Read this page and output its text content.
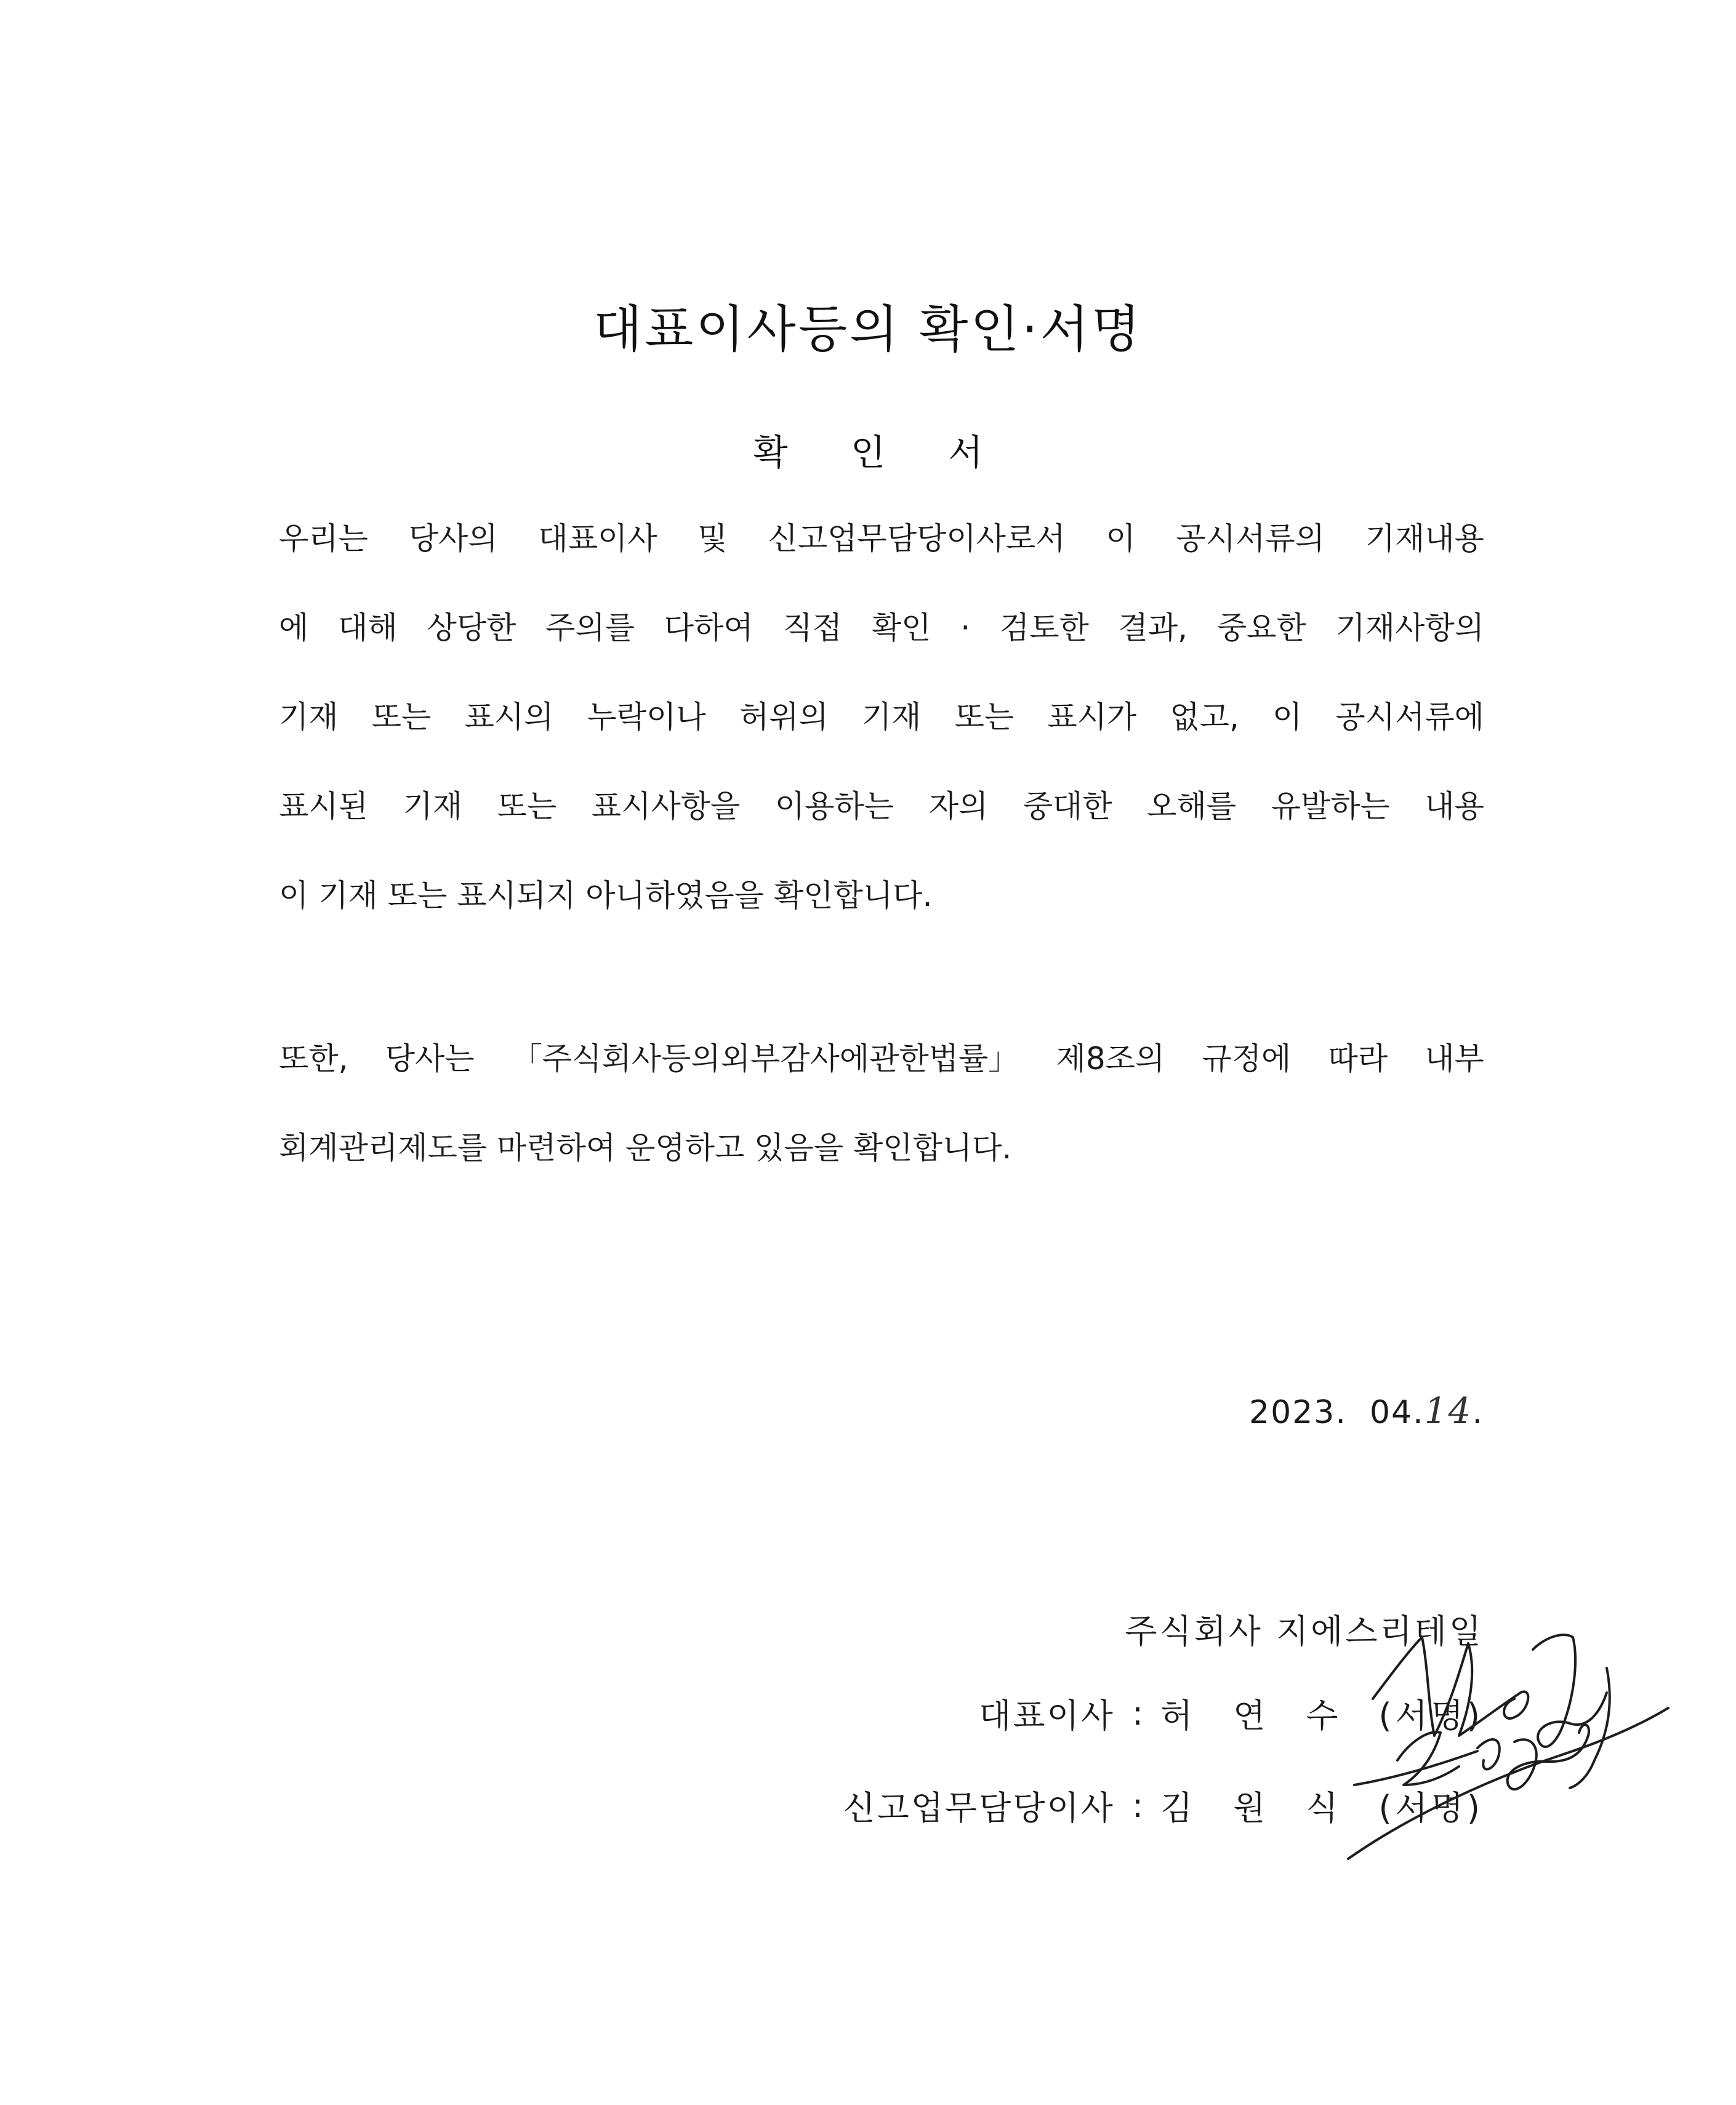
대표이사등의 확인·서명
확 인 서
우리는 당사의 대표이사 및 신고업무담당이사로서 이 공시서류의 기재내용
에 대해 상당한 주의를 다하여 직접 확인 · 검토한 결과, 중요한 기재사항의
기재 또는 표시의 누락이나 허위의 기재 또는 표시가 없고, 이 공시서류에
표시된 기재 또는 표시사항을 이용하는 자의 중대한 오해를 유발하는 내용
이 기재 또는 표시되지 아니하였음을 확인합니다.
또한, 당사는 「주식회사등의외부감사에관한법률」 제8조의 규정에 따라 내부
회계관리제도를 마련하여 운영하고 있음을 확인합니다.
2023.  04.14.
주식회사 지에스리테일
대표이사 : 허연수 (서명)
신고업무담당이사 : 김원식 (서명)
